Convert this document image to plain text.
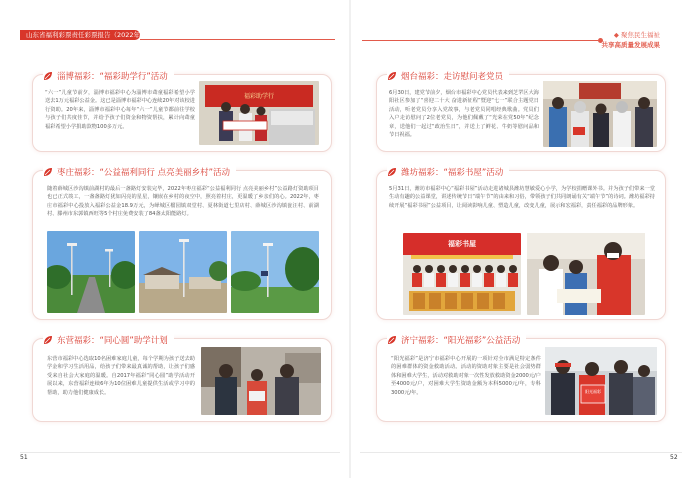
山东省福利彩票责任彩票报告（2022年）	◆ 聚焦民生福祉
共享高质量发展成果
淄博福彩：“福彩助学行”活动
“六一”儿童节前夕，淄博市福彩中心为淄博市聋童福彩希望小学送去1万元福彩公益金。这已是淄博市福彩中心连续20年对该校进行资助。20年来，淄博市福彩中心每年“六一”儿童节都前往学校与孩子们共度佳节，并给予孩子们资金和物资帮扶，累计向聋童福彩希望小学捐助款物100多万元。
福彩助学行
枣庄福彩：“公益福利同行 点亮美丽乡村”活动
随着薛城区沙沟镇前湖村的最后一盏路灯安装完毕，2022年枣庄福彩“公益福利同行 点亮美丽乡村”公益路灯资助项目也已正式竣工，一盏盏路灯犹如闪亮的星星，镶嵌在乡村的夜空中，照亮着村庄，更温暖了乡亲们的心。2022年，枣庄市福彩中心投放入福彩公益金18.9万元，为峄城区榴园镇双堂村、夏林街道七里店村、薛城区沙沟镇瓮汪村、前湖村、滕州市东郭镇西旺等5个村庄免费安装了84盏太阳能路灯。
东营福彩：“同心圆”助学计划
东营市福彩中心选取10名困难家庭儿童，每个学期为孩子送去助学金和学习生活用品，给孩子们带来最真诚的帮助，让孩子们感受来自社会大家庭的温暖。自2017年福彩“同心圆”助学活动开展以来，东营福彩连续6年为10位困难儿童提供生活或学习中的帮助，助力他们健康成长。
51
烟台福彩：走访慰问老党员
6月30日，建党节前夕，烟台市福彩中心党员代表来到芝罘区大海阳社区参加了“喜迎二十大 奋进新征程”暨迎“七一”联合主题党日活动，听老党员分享入党故事，与老党员同唱经典歌曲。党员们入户走访慰问了2位老党员，为他们佩戴了“光荣在党50年”纪念章，送他们一起过“政治生日”，并送上了鲜花、牛奶等慰问品和节日祝福。
潍坊福彩：“福彩书屋”活动
5月31日，潍坊市福彩中心“福彩书屋”活动走进诸城县潍坊慧敏爱心小学，为学校捐赠课外书。并为孩子们带来一堂生动有趣的公益课堂，讲述传统节日“端午节”的由来和习俗，带领孩子们共同朗诵有关“端午节”的诗词。潍坊福彩持续开展“福彩书屋”公益项目，让阅读影响儿童、塑造儿童，改变儿童，展示和宏福彩，责任福彩的品牌形象。
福彩书屋
济宁福彩：“阳光福彩”公益活动
“阳光福彩”是济宁市福彩中心开展的一项针对全市满足特定条件的困难群体的资金救助活动。活动的资助对象主要是社会弱势群体和困难大学生，活动对救助对象一次性发放救助资金2000元/户至4000元/户，对困难大学生资助金额为本科5000元/年，专科3000元/年。	阳光福彩
52
